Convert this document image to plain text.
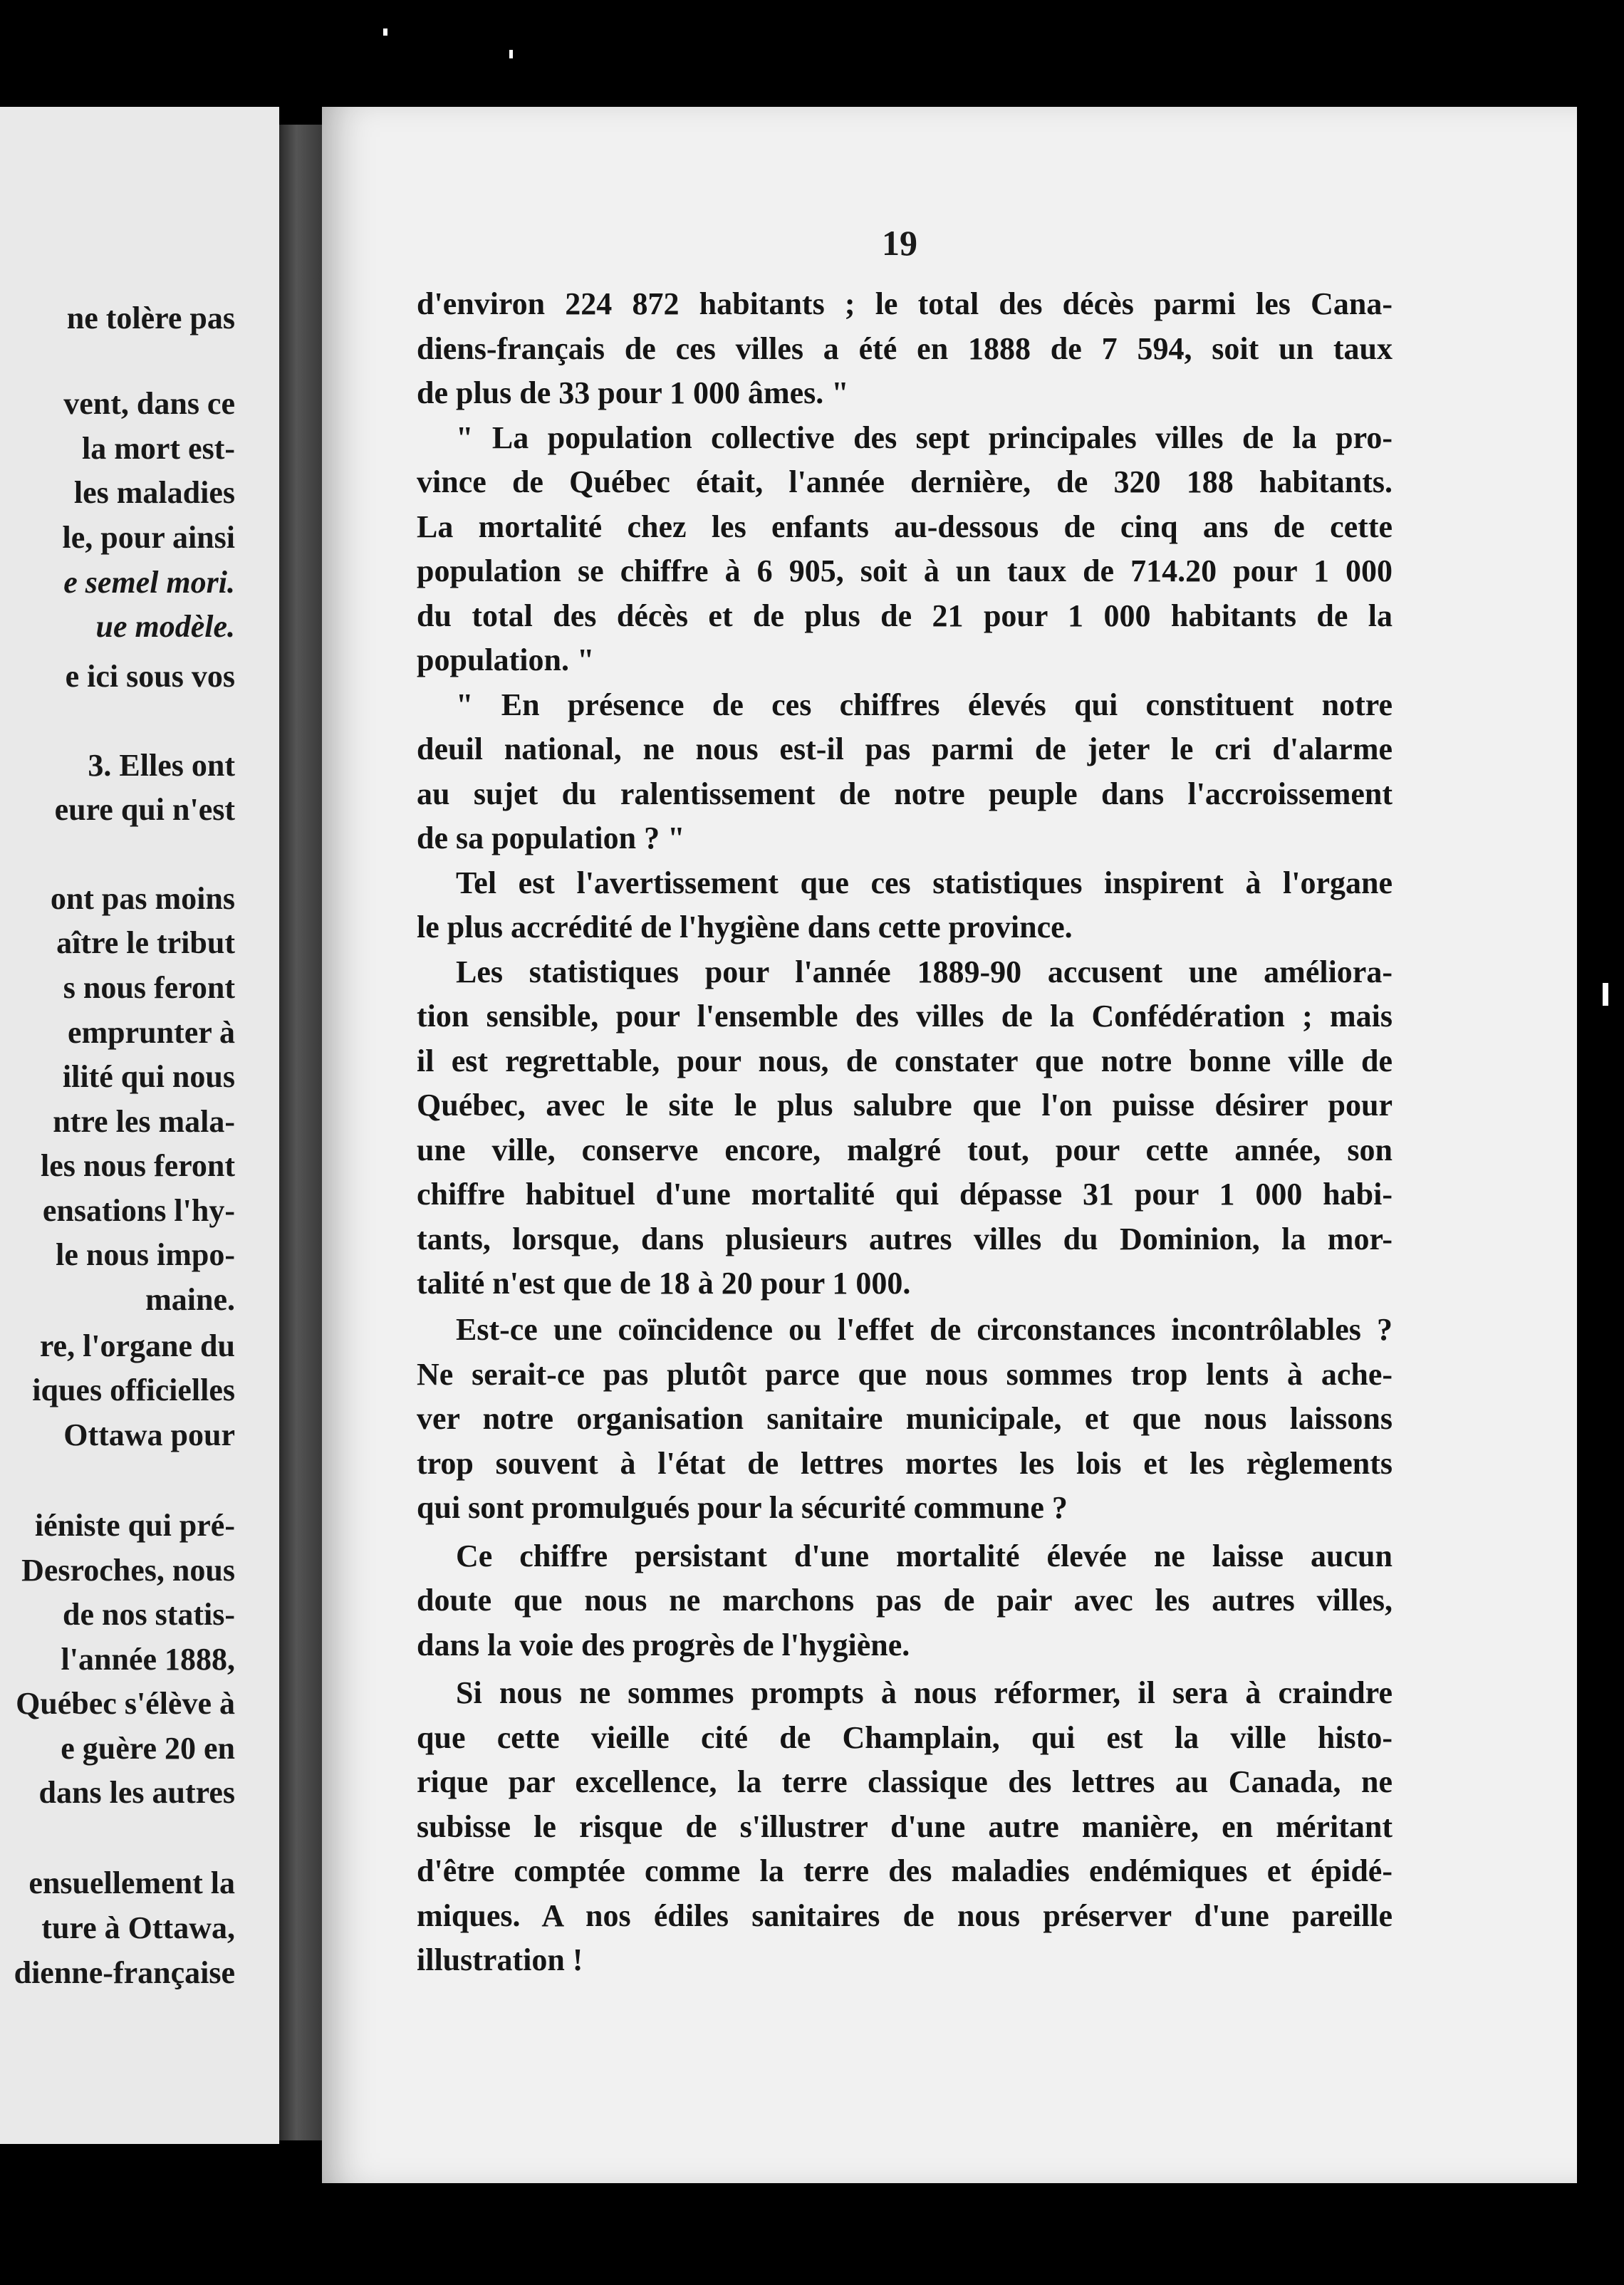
ne tolère pas
vent, dans ce
la mort est-
les maladies
le, pour ainsi
e semel mori.
ue modèle.
e ici sous vos
3. Elles ont
eure qui n'est
ont pas moins
aître le tribut
s nous feront
emprunter à
ilité qui nous
ntre les mala-
les nous feront
ensations l'hy-
le nous impo-
maine.
re, l'organe du
iques officielles
Ottawa pour
iéniste qui pré-
Desroches, nous
de nos statis-
l'année 1888,
Québec s'élève à
e guère 20 en
dans les autres
ensuellement la
ture à Ottawa,
dienne-française
19
d'environ 224 872 habitants ; le total des décès parmi les Cana-
diens-français de ces villes a été en 1888 de 7 594, soit un taux
de plus de 33 pour 1 000 âmes. "
" La population collective des sept principales villes de la pro-
vince de Québec était, l'année dernière, de 320 188 habitants.
La mortalité chez les enfants au-dessous de cinq ans de cette
population se chiffre à 6 905, soit à un taux de 714.20 pour 1 000
du total des décès et de plus de 21 pour 1 000 habitants de la
population. "
" En présence de ces chiffres élevés qui constituent notre
deuil national, ne nous est-il pas parmi de jeter le cri d'alarme
au sujet du ralentissement de notre peuple dans l'accroissement
de sa population ? "
Tel est l'avertissement que ces statistiques inspirent à l'organe
le plus accrédité de l'hygiène dans cette province.
Les statistiques pour l'année 1889-90 accusent une améliora-
tion sensible, pour l'ensemble des villes de la Confédération ; mais
il est regrettable, pour nous, de constater que notre bonne ville de
Québec, avec le site le plus salubre que l'on puisse désirer pour
une ville, conserve encore, malgré tout, pour cette année, son
chiffre habituel d'une mortalité qui dépasse 31 pour 1 000 habi-
tants, lorsque, dans plusieurs autres villes du Dominion, la mor-
talité n'est que de 18 à 20 pour 1 000.
Est-ce une coïncidence ou l'effet de circonstances incontrôlables ?
Ne serait-ce pas plutôt parce que nous sommes trop lents à ache-
ver notre organisation sanitaire municipale, et que nous laissons
trop souvent à l'état de lettres mortes les lois et les règlements
qui sont promulgués pour la sécurité commune ?
Ce chiffre persistant d'une mortalité élevée ne laisse aucun
doute que nous ne marchons pas de pair avec les autres villes,
dans la voie des progrès de l'hygiène.
Si nous ne sommes prompts à nous réformer, il sera à craindre
que cette vieille cité de Champlain, qui est la ville histo-
rique par excellence, la terre classique des lettres au Canada, ne
subisse le risque de s'illustrer d'une autre manière, en méritant
d'être comptée comme la terre des maladies endémiques et épidé-
miques. A nos édiles sanitaires de nous préserver d'une pareille
illustration !
